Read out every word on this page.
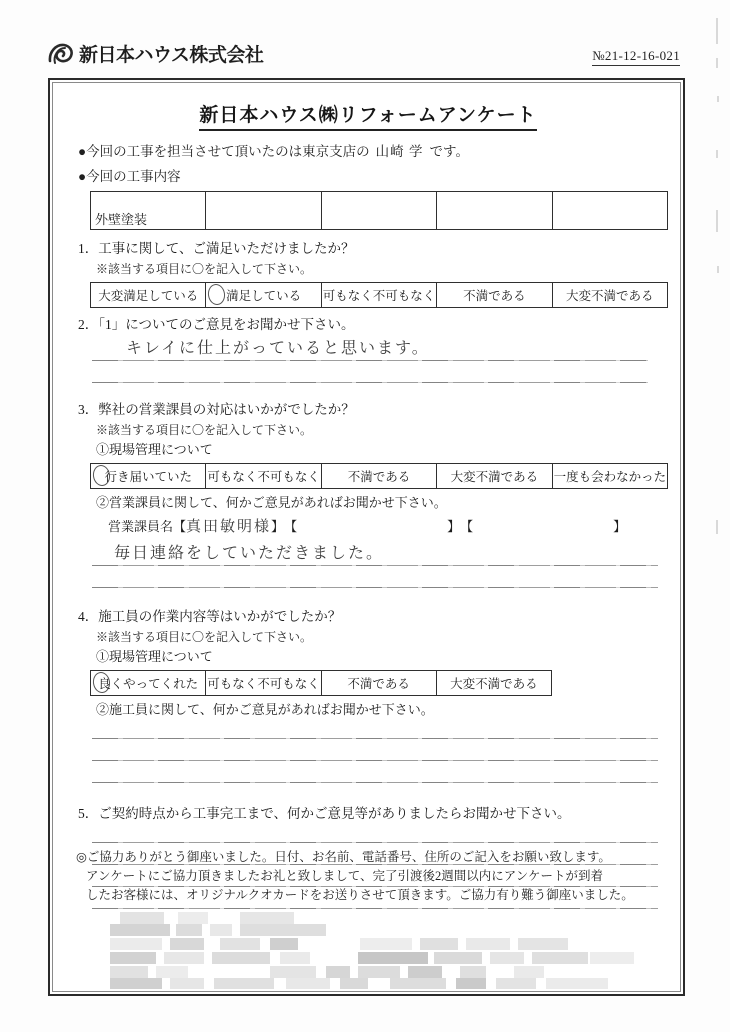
新日本ハウス株式会社	№21-12-16-021
新日本ハウス㈱リフォームアンケート
●今回の工事を担当させて頂いたのは東京支店の 山崎 学 です。
●今回の工事内容
外壁塗装				
1．工事に関して、ご満足いただけましたか？
※該当する項目に〇を記入して下さい。
大変満足している	満足している	可もなく不可もなく	不満である	大変不満である
2．「1」についてのご意見をお聞かせ下さい。
キレイに仕上がっていると思います。
3．弊社の営業課員の対応はいかがでしたか？
※該当する項目に〇を記入して下さい。
①現場管理について
行き届いていた	可もなく不可もなく	不満である	大変不満である	一度も会わなかった
②営業課員に関して、何かご意見があればお聞かせ下さい。
営業課員名 【真田敏明様】 【	】 【	】
毎日連絡をしていただきました。
4．施工員の作業内容等はいかがでしたか？
※該当する項目に〇を記入して下さい。
①現場管理について
良くやってくれた	可もなく不可もなく	不満である	大変不満である
②施工員に関して、何かご意見があればお聞かせ下さい。
5．ご契約時点から工事完工まで、何かご意見等がありましたらお聞かせ下さい。

◎ご協力ありがとう御座いました。日付、お名前、電話番号、住所のご記入をお願い致します。

アンケートにご協力頂きましたお礼と致しまして、完了引渡後2週間以内にアンケートが到着

したお客様には、オリジナルクオカードをお送りさせて頂きます。ご協力有り難う御座いました。
